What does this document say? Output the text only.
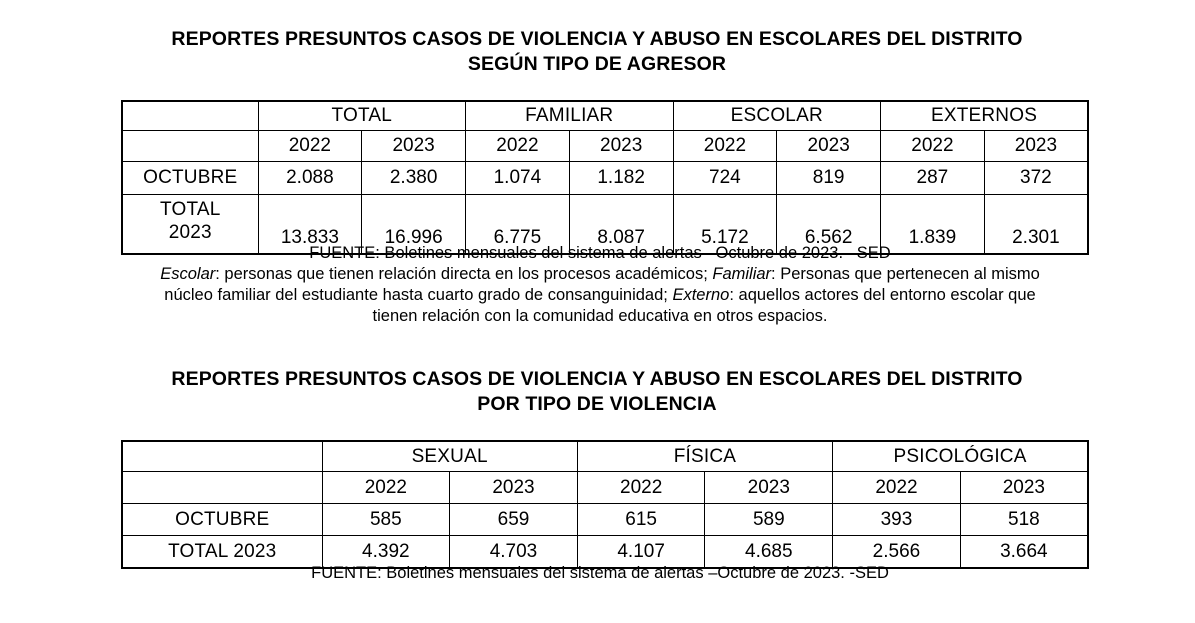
REPORTES PRESUNTOS CASOS DE VIOLENCIA Y ABUSO EN ESCOLARES DEL DISTRITO
SEGÚN TIPO DE AGRESOR
	TOTAL		FAMILIAR		ESCOLAR		EXTERNOS	
	2022	2023	2022	2023	2022	2023	2022	2023
OCTUBRE	2.088	2.380	1.074	1.182	724	819	287	372
TOTAL
2023	13.833	16.996	6.775	8.087	5.172	6.562	1.839	2.301
FUENTE: Boletines mensuales del sistema de alertas –Octubre de 2023. –SED
Escolar: personas que tienen relación directa en los procesos académicos; Familiar: Personas que pertenecen al mismo núcleo familiar del estudiante hasta cuarto grado de consanguinidad; Externo: aquellos actores del entorno escolar que tienen relación con la comunidad educativa en otros espacios.
REPORTES PRESUNTOS CASOS DE VIOLENCIA Y ABUSO EN ESCOLARES DEL DISTRITO
POR TIPO DE VIOLENCIA
	SEXUAL		FÍSICA		PSICOLÓGICA	
	2022	2023	2022	2023	2022	2023
OCTUBRE	585	659	615	589	393	518
TOTAL 2023	4.392	4.703	4.107	4.685	2.566	3.664
FUENTE: Boletines mensuales del sistema de alertas –Octubre de 2023. -SED
